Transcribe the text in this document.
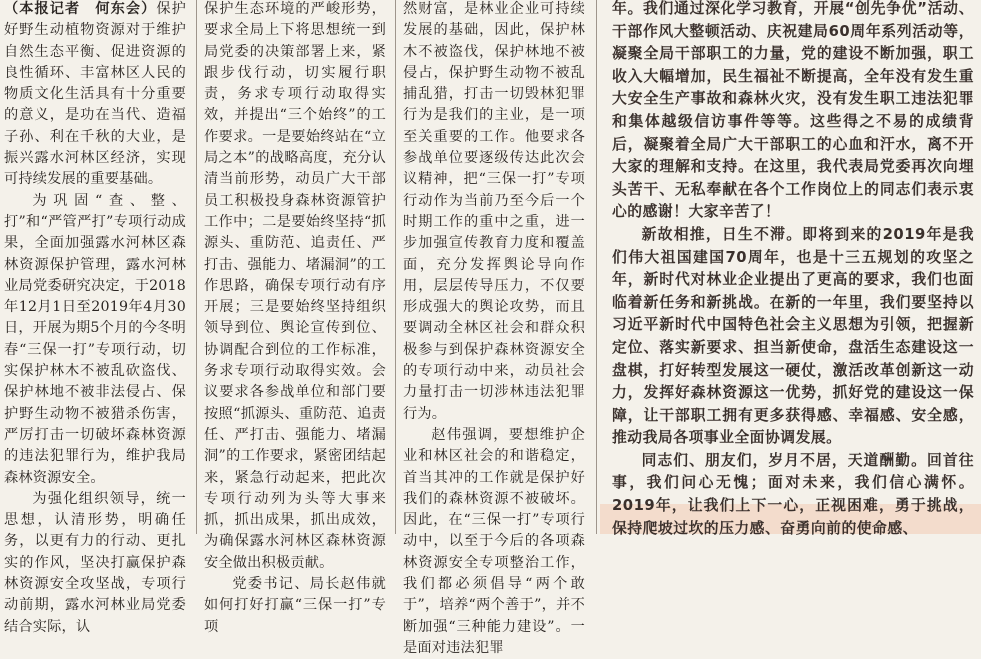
（本报记者　何东会）保护好野生动植物资源对于维护自然生态平衡、促进资源的良性循环、丰富林区人民的物质文化生活具有十分重要的意义，是功在当代、造福子孙、利在千秋的大业，是振兴露水河林区经济，实现可持续发展的重要基础。

为巩固“查、整、打”和“严管严打”专项行动成果，全面加强露水河林区森林资源保护管理，露水河林业局党委研究决定，于2018年12月1日至2019年4月30日，开展为期5个月的今冬明春“三保一打”专项行动，切实保护林木不被乱砍盗伐、保护林地不被非法侵占、保护野生动物不被猎杀伤害，严厉打击一切破坏森林资源的违法犯罪行为，维护我局森林资源安全。

为强化组织领导，统一思想，认清形势，明确任务，以更有力的行动、更扎实的作风，坚决打赢保护森林资源安全攻坚战，专项行动前期，露水河林业局党委结合实际，认

保护生态环境的严峻形势，要求全局上下将思想统一到局党委的决策部署上来，紧跟步伐行动，切实履行职责，务求专项行动取得实效，并提出“三个始终”的工作要求。一是要始终站在“立局之本”的战略高度，充分认清当前形势，动员广大干部员工积极投身森林资源管护工作中；二是要始终坚持“抓源头、重防范、追责任、严打击、强能力、堵漏洞”的工作思路，确保专项行动有序开展；三是要始终坚持组织领导到位、舆论宣传到位、协调配合到位的工作标准，务求专项行动取得实效。会议要求各参战单位和部门要按照“抓源头、重防范、追责任、严打击、强能力、堵漏洞”的工作要求，紧密团结起来，紧急行动起来，把此次专项行动列为头等大事来抓，抓出成果，抓出成效，为确保露水河林区森林资源安全做出积极贡献。

党委书记、局长赵伟就如何打好打赢“三保一打”专项

然财富，是林业企业可持续发展的基础，因此，保护林木不被盗伐，保护林地不被侵占，保护野生动物不被乱捕乱猎，打击一切毁林犯罪行为是我们的主业，是一项至关重要的工作。他要求各参战单位要逐级传达此次会议精神，把“三保一打”专项行动作为当前乃至今后一个时期工作的重中之重，进一步加强宣传教育力度和覆盖面，充分发挥舆论导向作用，层层传导压力，不仅要形成强大的舆论攻势，而且要调动全林区社会和群众积极参与到保护森林资源安全的专项行动中来，动员社会力量打击一切涉林违法犯罪行为。

赵伟强调，要想维护企业和林区社会的和谐稳定，首当其冲的工作就是保护好我们的森林资源不被破坏。因此，在“三保一打”专项行动中，以至于今后的各项森林资源安全专项整治工作，我们都必须倡导“两个敢于”，培养“两个善于”，并不断加强“三种能力建设”。一是面对违法犯罪

年。我们通过深化学习教育，开展“创先争优”活动、干部作风大整顿活动、庆祝建局60周年系列活动等，凝聚全局干部职工的力量，党的建设不断加强，职工收入大幅增加，民生福祉不断提高，全年没有发生重大安全生产事故和森林火灾，没有发生职工违法犯罪和集体越级信访事件等等。这些得之不易的成绩背后，凝聚着全局广大干部职工的心血和汗水，离不开大家的理解和支持。在这里，我代表局党委再次向埋头苦干、无私奉献在各个工作岗位上的同志们表示衷心的感谢！大家辛苦了！

新故相推，日生不滞。即将到来的2019年是我们伟大祖国建国70周年，也是十三五规划的攻坚之年，新时代对林业企业提出了更高的要求，我们也面临着新任务和新挑战。在新的一年里，我们要坚持以习近平新时代中国特色社会主义思想为引领，把握新定位、落实新要求、担当新使命，盘活生态建设这一盘棋，打好转型发展这一硬仗，激活改革创新这一动力，发挥好森林资源这一优势，抓好党的建设这一保障，让干部职工拥有更多获得感、幸福感、安全感，推动我局各项事业全面协调发展。

同志们、朋友们，岁月不居，天道酬勤。回首往事，我们问心无愧；面对未来，我们信心满怀。2019年，让我们上下一心，正视困难，勇于挑战，保持爬坡过坎的压力感、奋勇向前的使命感、
